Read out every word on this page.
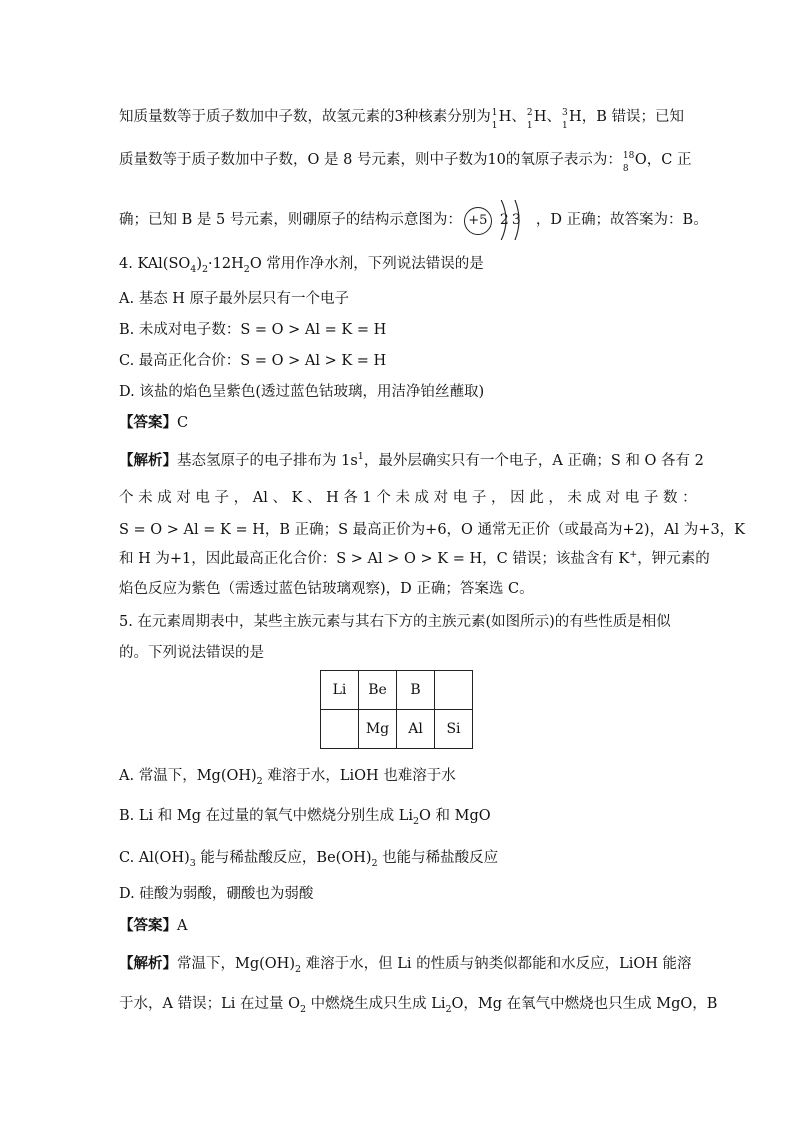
知质量数等于质子数加中子数，故氢元素的3种核素分别为 1
1
H、 2
1
H、 3
1
H，B 错误；已知
质量数等于质子数加中子数，O 是 8 号元素，则中子数为10的氧原子表示为： 18
8
O，C 正
确；已知 B 是 5 号元素，则硼原子的结构示意图为： +5 2 3 ，D 正确；故答案为：B。
4. $KAl(SO_4)_2\cdot 12H_2O$ 常用作净水剂，下列说法错误的是
A. 基态 H 原子最外层只有一个电子
B. 未成对电子数：S = O > Al = K = H
C. 最高正化合价：S = O > Al > K = H
D. 该盐的焰色呈紫色(透过蓝色钴玻璃，用洁净铂丝蘸取)
【答案】C
【解析】基态氢原子的电子排布为 $1s^1$，最外层确实只有一个电子，A 正确；S 和 O 各有 2
个 未 成 对 电 子 ， Al 、 K 、 H 各 1 个 未 成 对 电 子 ， 因 此 ， 未 成 对 电 子 数 ：
S = O > Al = K = H，B 正确；S 最高正价为+6，O 通常无正价（或最高为+2)，Al 为+3，K
和 H 为+1，因此最高正化合价：S > Al > O > K = H，C 错误；该盐含有 K+，钾元素的
焰色反应为紫色（需透过蓝色钴玻璃观察)，D 正确；答案选 C。
5. 在元素周期表中，某些主族元素与其右下方的主族元素(如图所示)的有些性质是相似
的。下列说法错误的是
Li	Be	B	
	Mg	Al	Si
A. 常温下，$Mg(OH)_2$ 难溶于水，LiOH 也难溶于水
B. Li 和 Mg 在过量的氧气中燃烧分别生成 $Li_2O$ 和 MgO
C. $Al(OH)_3$ 能与稀盐酸反应，$Be(OH)_2$ 也能与稀盐酸反应
D. 硅酸为弱酸，硼酸也为弱酸
【答案】A
【解析】常温下，$Mg(OH)_2$ 难溶于水，但 Li 的性质与钠类似都能和水反应，LiOH 能溶
于水，A 错误；Li 在过量 $O_2$ 中燃烧生成只生成 $Li_2O$，Mg 在氧气中燃烧也只生成 MgO，B
